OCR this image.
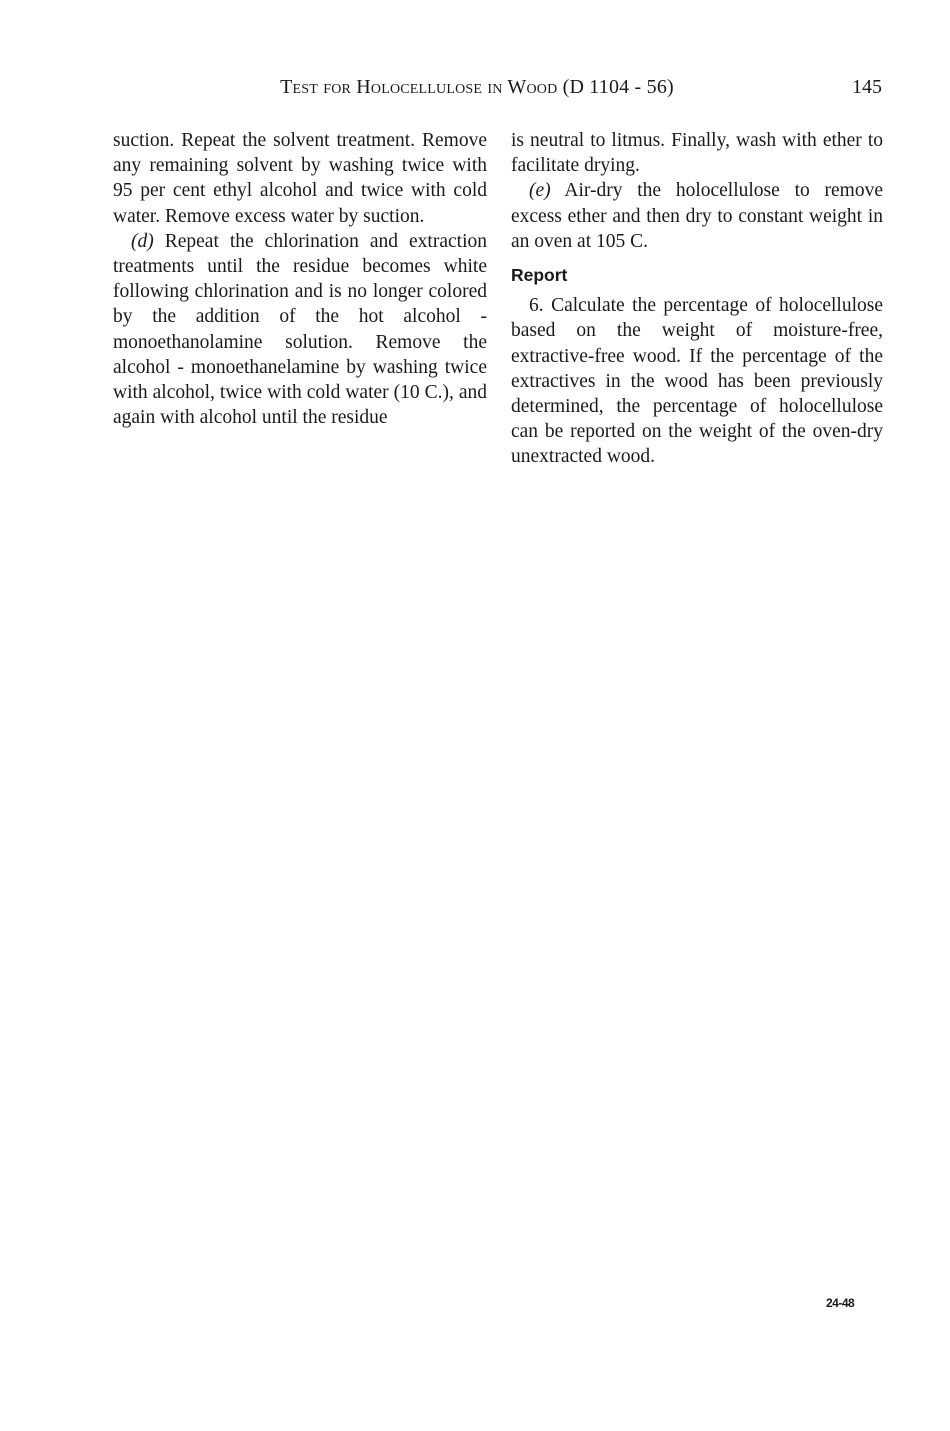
Test for Holocellulose in Wood (D 1104 - 56)	145

suction. Repeat the solvent treatment. Remove any remaining solvent by washing twice with 95 per cent ethyl alcohol and twice with cold water. Remove excess water by suction.

(d) Repeat the chlorination and extraction treatments until the residue becomes white following chlorination and is no longer colored by the addition of the hot alcohol - monoethanolamine solution. Remove the alcohol - monoethanelamine by washing twice with alcohol, twice with cold water (10 C.), and again with alcohol until the residue

is neutral to litmus. Finally, wash with ether to facilitate drying.

(e) Air-dry the holocellulose to remove excess ether and then dry to constant weight in an oven at 105 C.

Report

6. Calculate the percentage of holocellulose based on the weight of moisture-free, extractive-free wood. If the percentage of the extractives in the wood has been previously determined, the percentage of holocellulose can be reported on the weight of the oven-dry unextracted wood.

24-48
